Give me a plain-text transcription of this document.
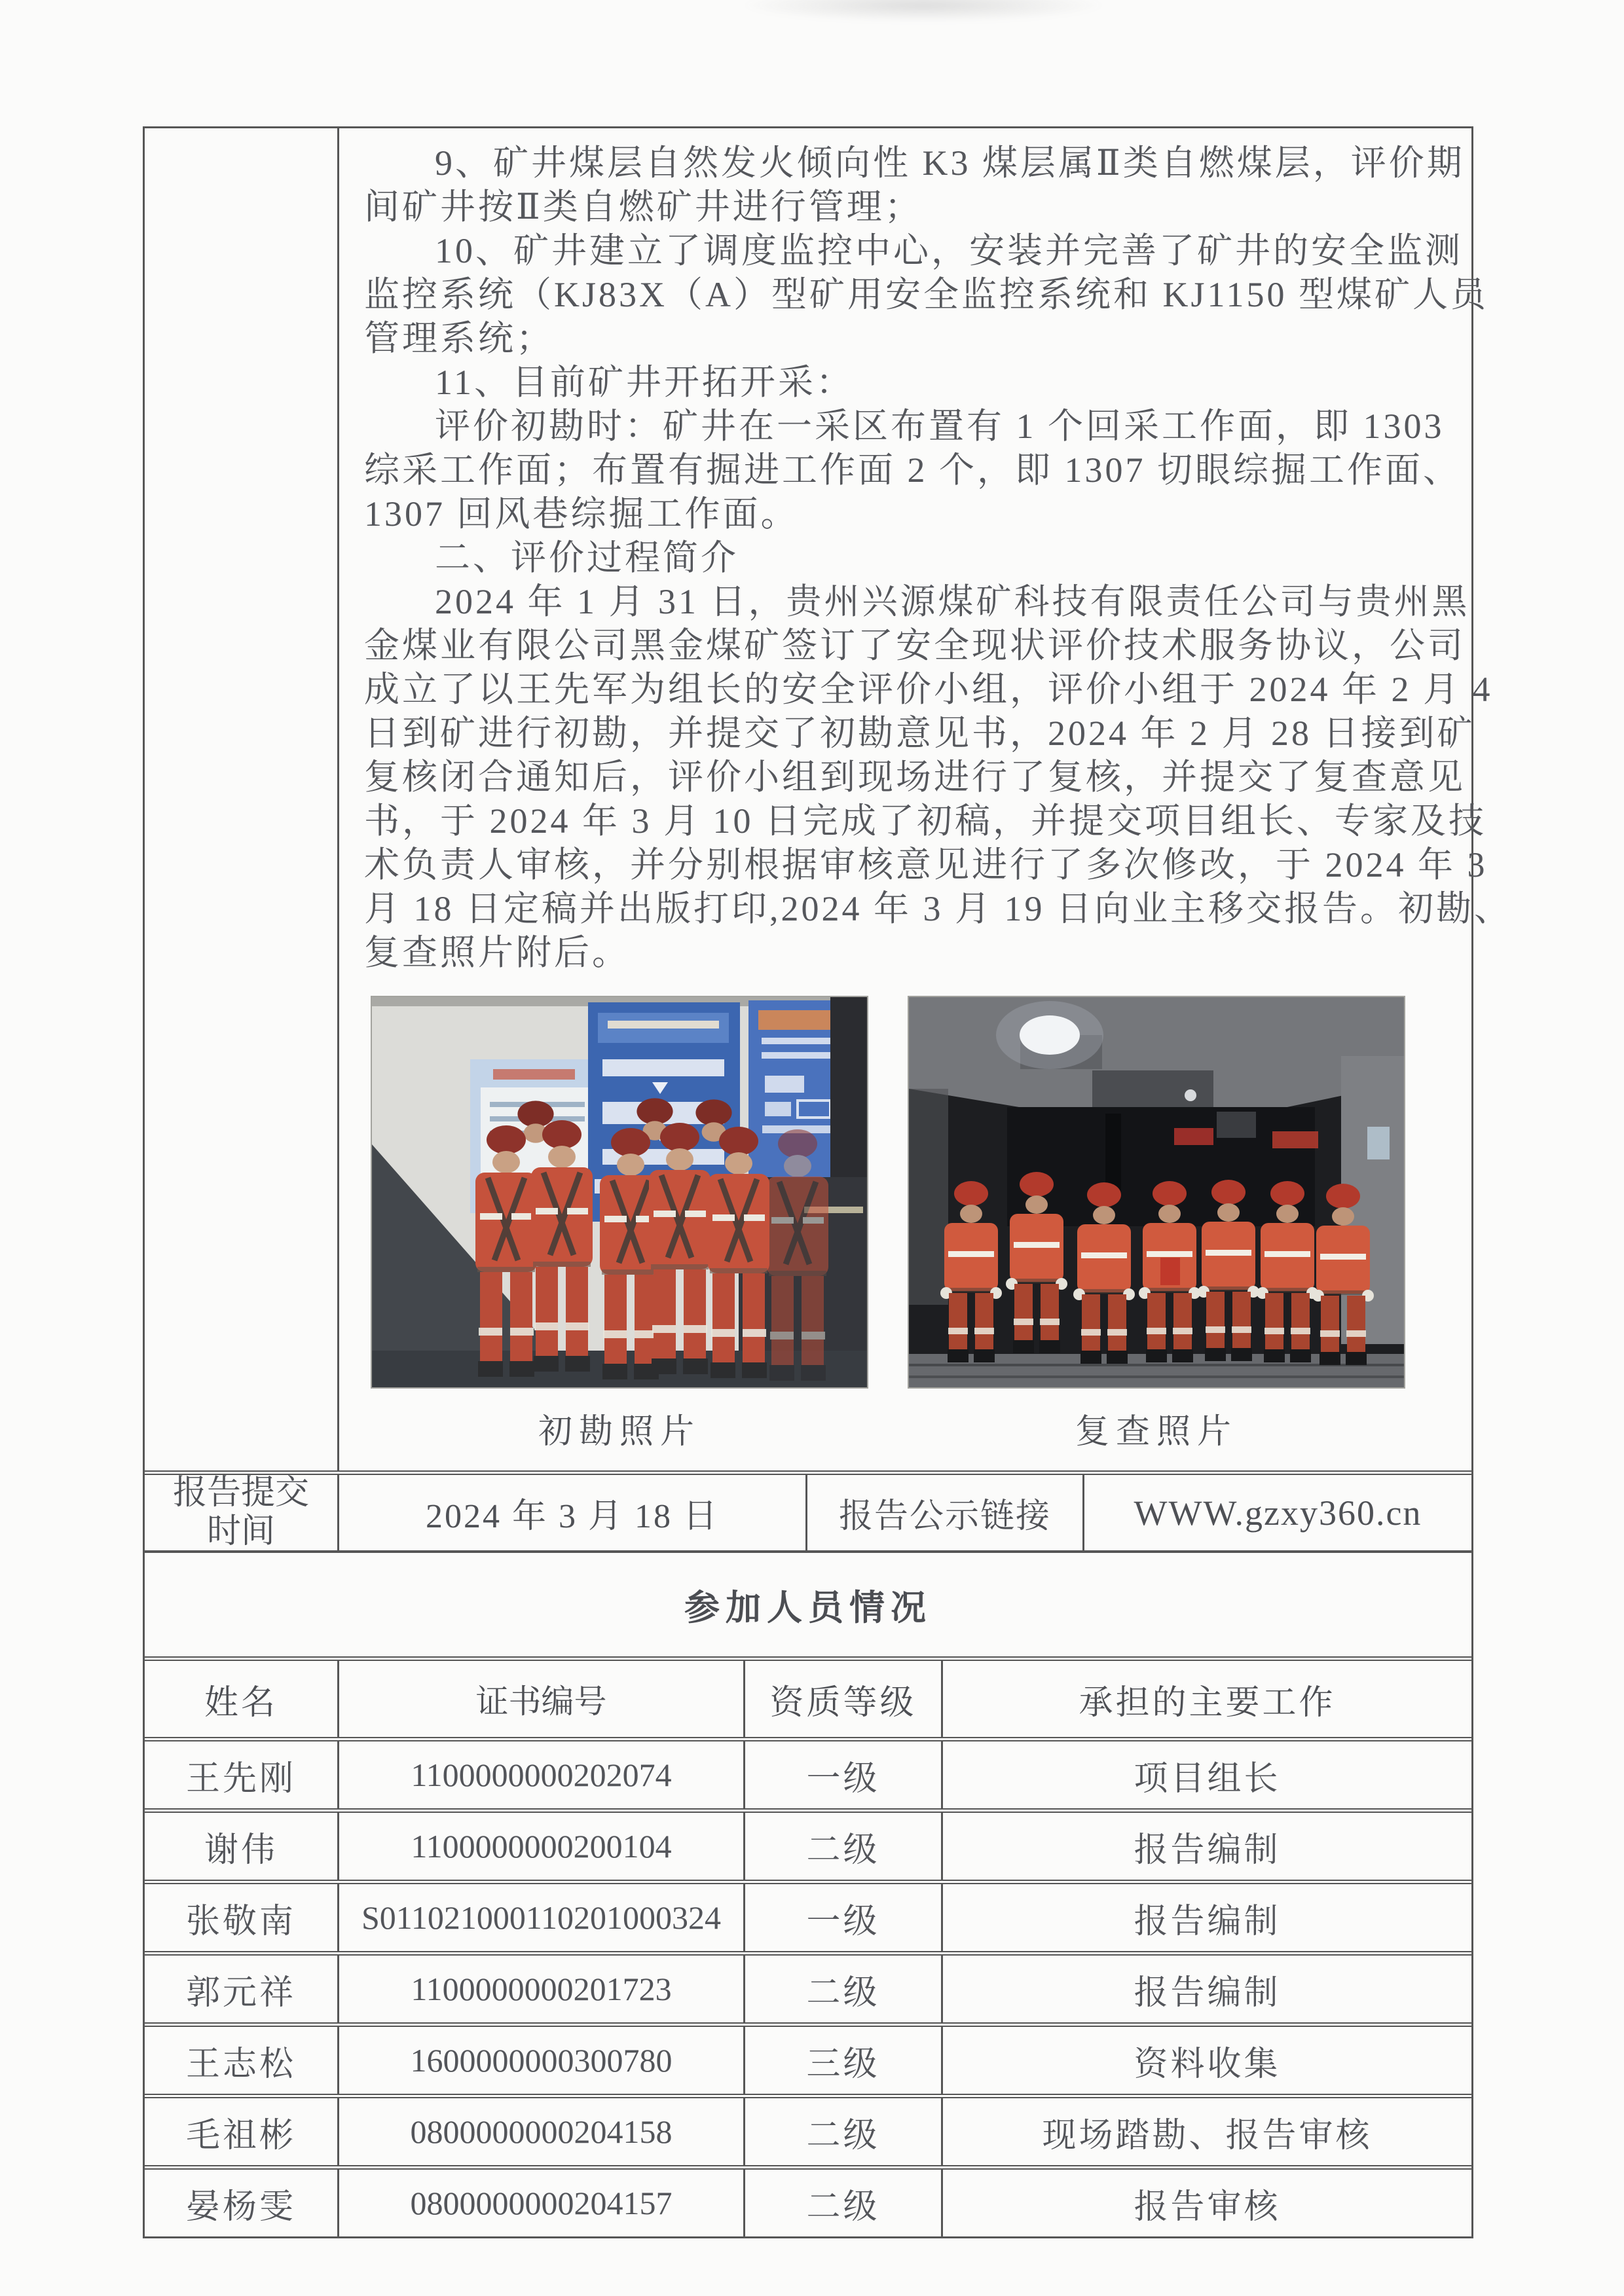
9、矿井煤层自然发火倾向性 K3 煤层属Ⅱ类自燃煤层，评价期
间矿井按Ⅱ类自燃矿井进行管理；
10、矿井建立了调度监控中心，安装并完善了矿井的安全监测
监控系统（KJ83X（A）型矿用安全监控系统和 KJ1150 型煤矿人员
管理系统；
11、目前矿井开拓开采：
评价初勘时：矿井在一采区布置有 1 个回采工作面，即 1303
综采工作面；布置有掘进工作面 2 个，即 1307 切眼综掘工作面、
1307 回风巷综掘工作面。
二、评价过程简介
2024 年 1 月 31 日，贵州兴源煤矿科技有限责任公司与贵州黑
金煤业有限公司黑金煤矿签订了安全现状评价技术服务协议，公司
成立了以王先军为组长的安全评价小组，评价小组于 2024 年 2 月 4
日到矿进行初勘，并提交了初勘意见书，2024 年 2 月 28 日接到矿
复核闭合通知后，评价小组到现场进行了复核，并提交了复查意见
书，于 2024 年 3 月 10 日完成了初稿，并提交项目组长、专家及技
术负责人审核，并分别根据审核意见进行了多次修改，于 2024 年 3
月 18 日定稿并出版打印,2024 年 3 月 19 日向业主移交报告。初勘、
复查照片附后。
初勘照片	复查照片
报告提交时间	2024 年 3 月 18 日	报告公示链接	WWW.gzxy360.cn
参加人员情况
姓名	证书编号	资质等级	承担的主要工作
王先刚	1100000000202074	一级	项目组长
谢伟	1100000000200104	二级	报告编制
张敬南	S011021000110201000324	一级	报告编制
郭元祥	1100000000201723	二级	报告编制
王志松	1600000000300780	三级	资料收集
毛祖彬	0800000000204158	二级	现场踏勘、报告审核
晏杨雯	0800000000204157	二级	报告审核
